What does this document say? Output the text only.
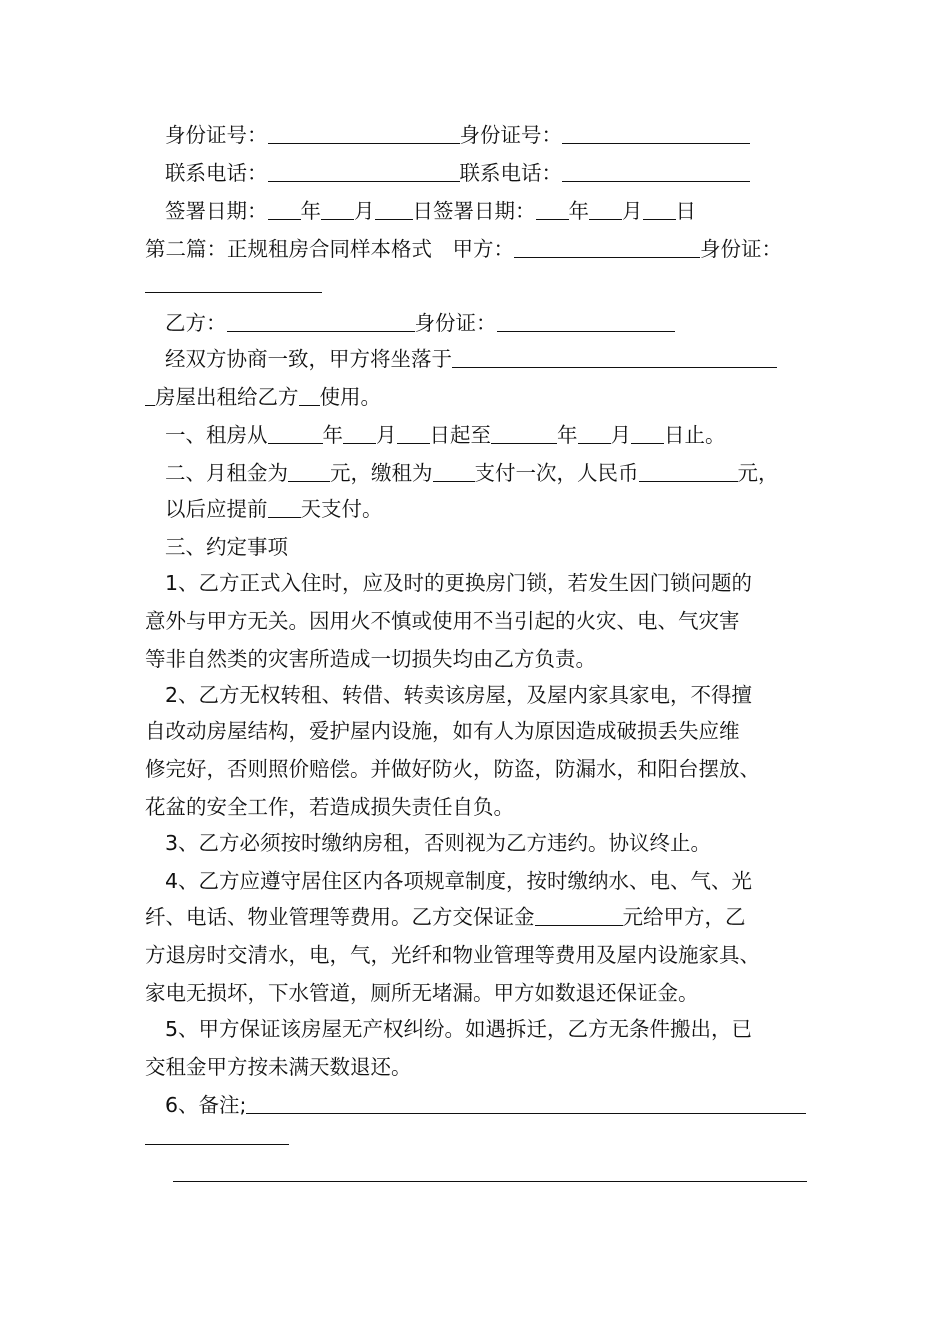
身份证号：	身份证号：
联系电话：	联系电话：
签署日期： 年 月 日签署日期： 年 月 日
第二篇：正规租房合同样本格式　甲方：	身份证：
乙方：	身份证：
经双方协商一致，甲方将坐落于
房屋出租给乙方 使用。
一、租房从	年 月 日起至	年 月 日止。
二、月租金为 元，缴租为 支付一次，人民币	元，
以后应提前 天支付。
三、约定事项
1、乙方正式入住时，应及时的更换房门锁，若发生因门锁问题的
意外与甲方无关。因用火不慎或使用不当引起的火灾、电、气灾害
等非自然类的灾害所造成一切损失均由乙方负责。
2、乙方无权转租、转借、转卖该房屋，及屋内家具家电，不得擅
自改动房屋结构，爱护屋内设施，如有人为原因造成破损丢失应维
修完好，否则照价赔偿。并做好防火，防盗，防漏水，和阳台摆放、
花盆的安全工作，若造成损失责任自负。
3、乙方必须按时缴纳房租，否则视为乙方违约。协议终止。
4、乙方应遵守居住区内各项规章制度，按时缴纳水、电、气、光
纤、电话、物业管理等费用。乙方交保证金	元给甲方，乙
方退房时交清水，电，气，光纤和物业管理等费用及屋内设施家具、
家电无损坏，下水管道，厕所无堵漏。甲方如数退还保证金。
5、甲方保证该房屋无产权纠纷。如遇拆迁，乙方无条件搬出，已
交租金甲方按未满天数退还。
6、备注;
